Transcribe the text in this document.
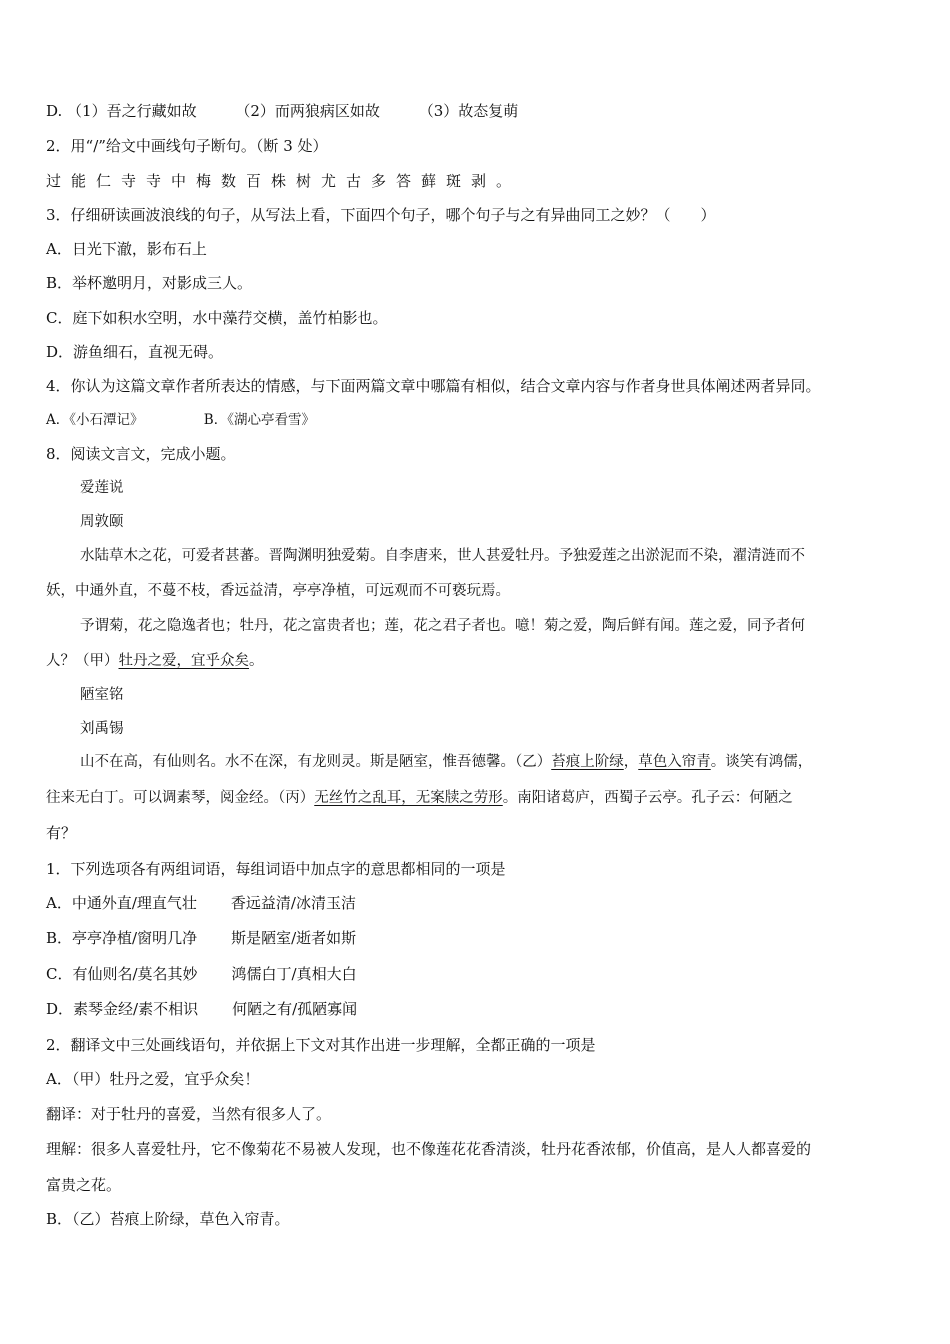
D. （1）吾之行藏如故	（2）而两狼病区如故	（3）故态复萌
2．用“/”给文中画线句子断句。（断 3 处）
过能仁寺寺中梅数百株树尤古多答藓斑剥。
3．仔细研读画波浪线的句子，从写法上看，下面四个句子，哪个句子与之有异曲同工之妙？（　　）
A．日光下澈，影布石上
B．举杯邀明月，对影成三人。
C．庭下如积水空明，水中藻荇交横，盖竹柏影也。
D．游鱼细石，直视无碍。
4．你认为这篇文章作者所表达的情感，与下面两篇文章中哪篇有相似，结合文章内容与作者身世具体阐述两者异同。
A．《小石潭记》	B．《湖心亭看雪》
8．阅读文言文，完成小题。
爱莲说
周敦颐
水陆草木之花，可爱者甚蕃。晋陶渊明独爱菊。自李唐来，世人甚爱牡丹。予独爱莲之出淤泥而不染，濯清涟而不
妖，中通外直，不蔓不枝，香远益清，亭亭净植，可远观而不可亵玩焉。
予谓菊，花之隐逸者也；牡丹，花之富贵者也；莲，花之君子者也。噫！菊之爱，陶后鲜有闻。莲之爱，同予者何
人？（甲）牡丹之爱，宜乎众矣。
陋室铭
刘禹锡
山不在高，有仙则名。水不在深，有龙则灵。斯是陋室，惟吾德馨。（乙）苔痕上阶绿，草色入帘青。谈笑有鸿儒，
往来无白丁。可以调素琴，阅金经。（丙）无丝竹之乱耳，无案牍之劳形。南阳诸葛庐，西蜀子云亭。孔子云：何陋之
有？
1．下列选项各有两组词语，每组词语中加点字的意思都相同的一项是
A．中通外直/理直气壮 香远益清/冰清玉洁
B．亭亭净植/窗明几净 斯是陋室/逝者如斯
C．有仙则名/莫名其妙 鸿儒白丁/真相大白
D．素琴金经/素不相识 何陋之有/孤陋寡闻
2．翻译文中三处画线语句，并依据上下文对其作出进一步理解，全都正确的一项是
A．（甲）牡丹之爱，宜乎众矣！
翻译：对于牡丹的喜爱，当然有很多人了。
理解：很多人喜爱牡丹，它不像菊花不易被人发现，也不像莲花花香清淡，牡丹花香浓郁，价值高，是人人都喜爱的
富贵之花。
B．（乙）苔痕上阶绿，草色入帘青。
